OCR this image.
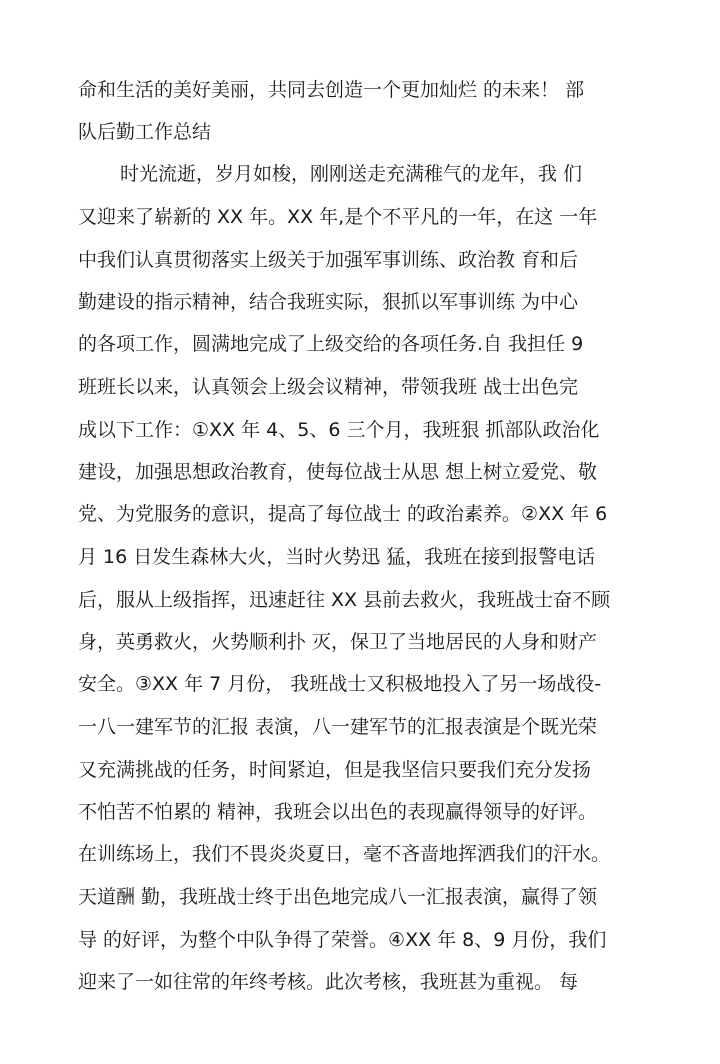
命和生活的美好美丽，共同去创造一个更加灿烂 的未来！ 部
队后勤工作总结
时光流逝，岁月如梭，刚刚送走充满稚气的龙年，我 们
又迎来了崭新的 XX 年。XX 年,是个不平凡的一年，在这 一年
中我们认真贯彻落实上级关于加强军事训练、政治教 育和后
勤建设的指示精神，结合我班实际，狠抓以军事训练 为中心
的各项工作，圆满地完成了上级交给的各项任务.自 我担任 9
班班长以来，认真领会上级会议精神，带领我班 战士出色完
成以下工作：①XX 年 4、5、6 三个月，我班狠 抓部队政治化
建设，加强思想政治教育，使每位战士从思 想上树立爱党、敬
党、为党服务的意识，提高了每位战士 的政治素养。②XX 年 6
月 16 日发生森林大火，当时火势迅 猛，我班在接到报警电话
后，服从上级指挥，迅速赶往 XX 县前去救火，我班战士奋不顾
身，英勇救火，火势顺利扑 灭，保卫了当地居民的人身和财产
安全。③XX 年 7 月份， 我班战士又积极地投入了另一场战役-
一八一建军节的汇报 表演，八一建军节的汇报表演是个既光荣
又充满挑战的任务，时间紧迫，但是我坚信只要我们充分发扬
不怕苦不怕累的 精神，我班会以出色的表现赢得领导的好评。
在训练场上，我们不畏炎炎夏日，毫不吝啬地挥洒我们的汗水。
天道酬 勤，我班战士终于出色地完成八一汇报表演，赢得了领
导 的好评，为整个中队争得了荣誉。④XX 年 8、9 月份，我们
迎来了一如往常的年终考核。此次考核，我班甚为重视。 每
